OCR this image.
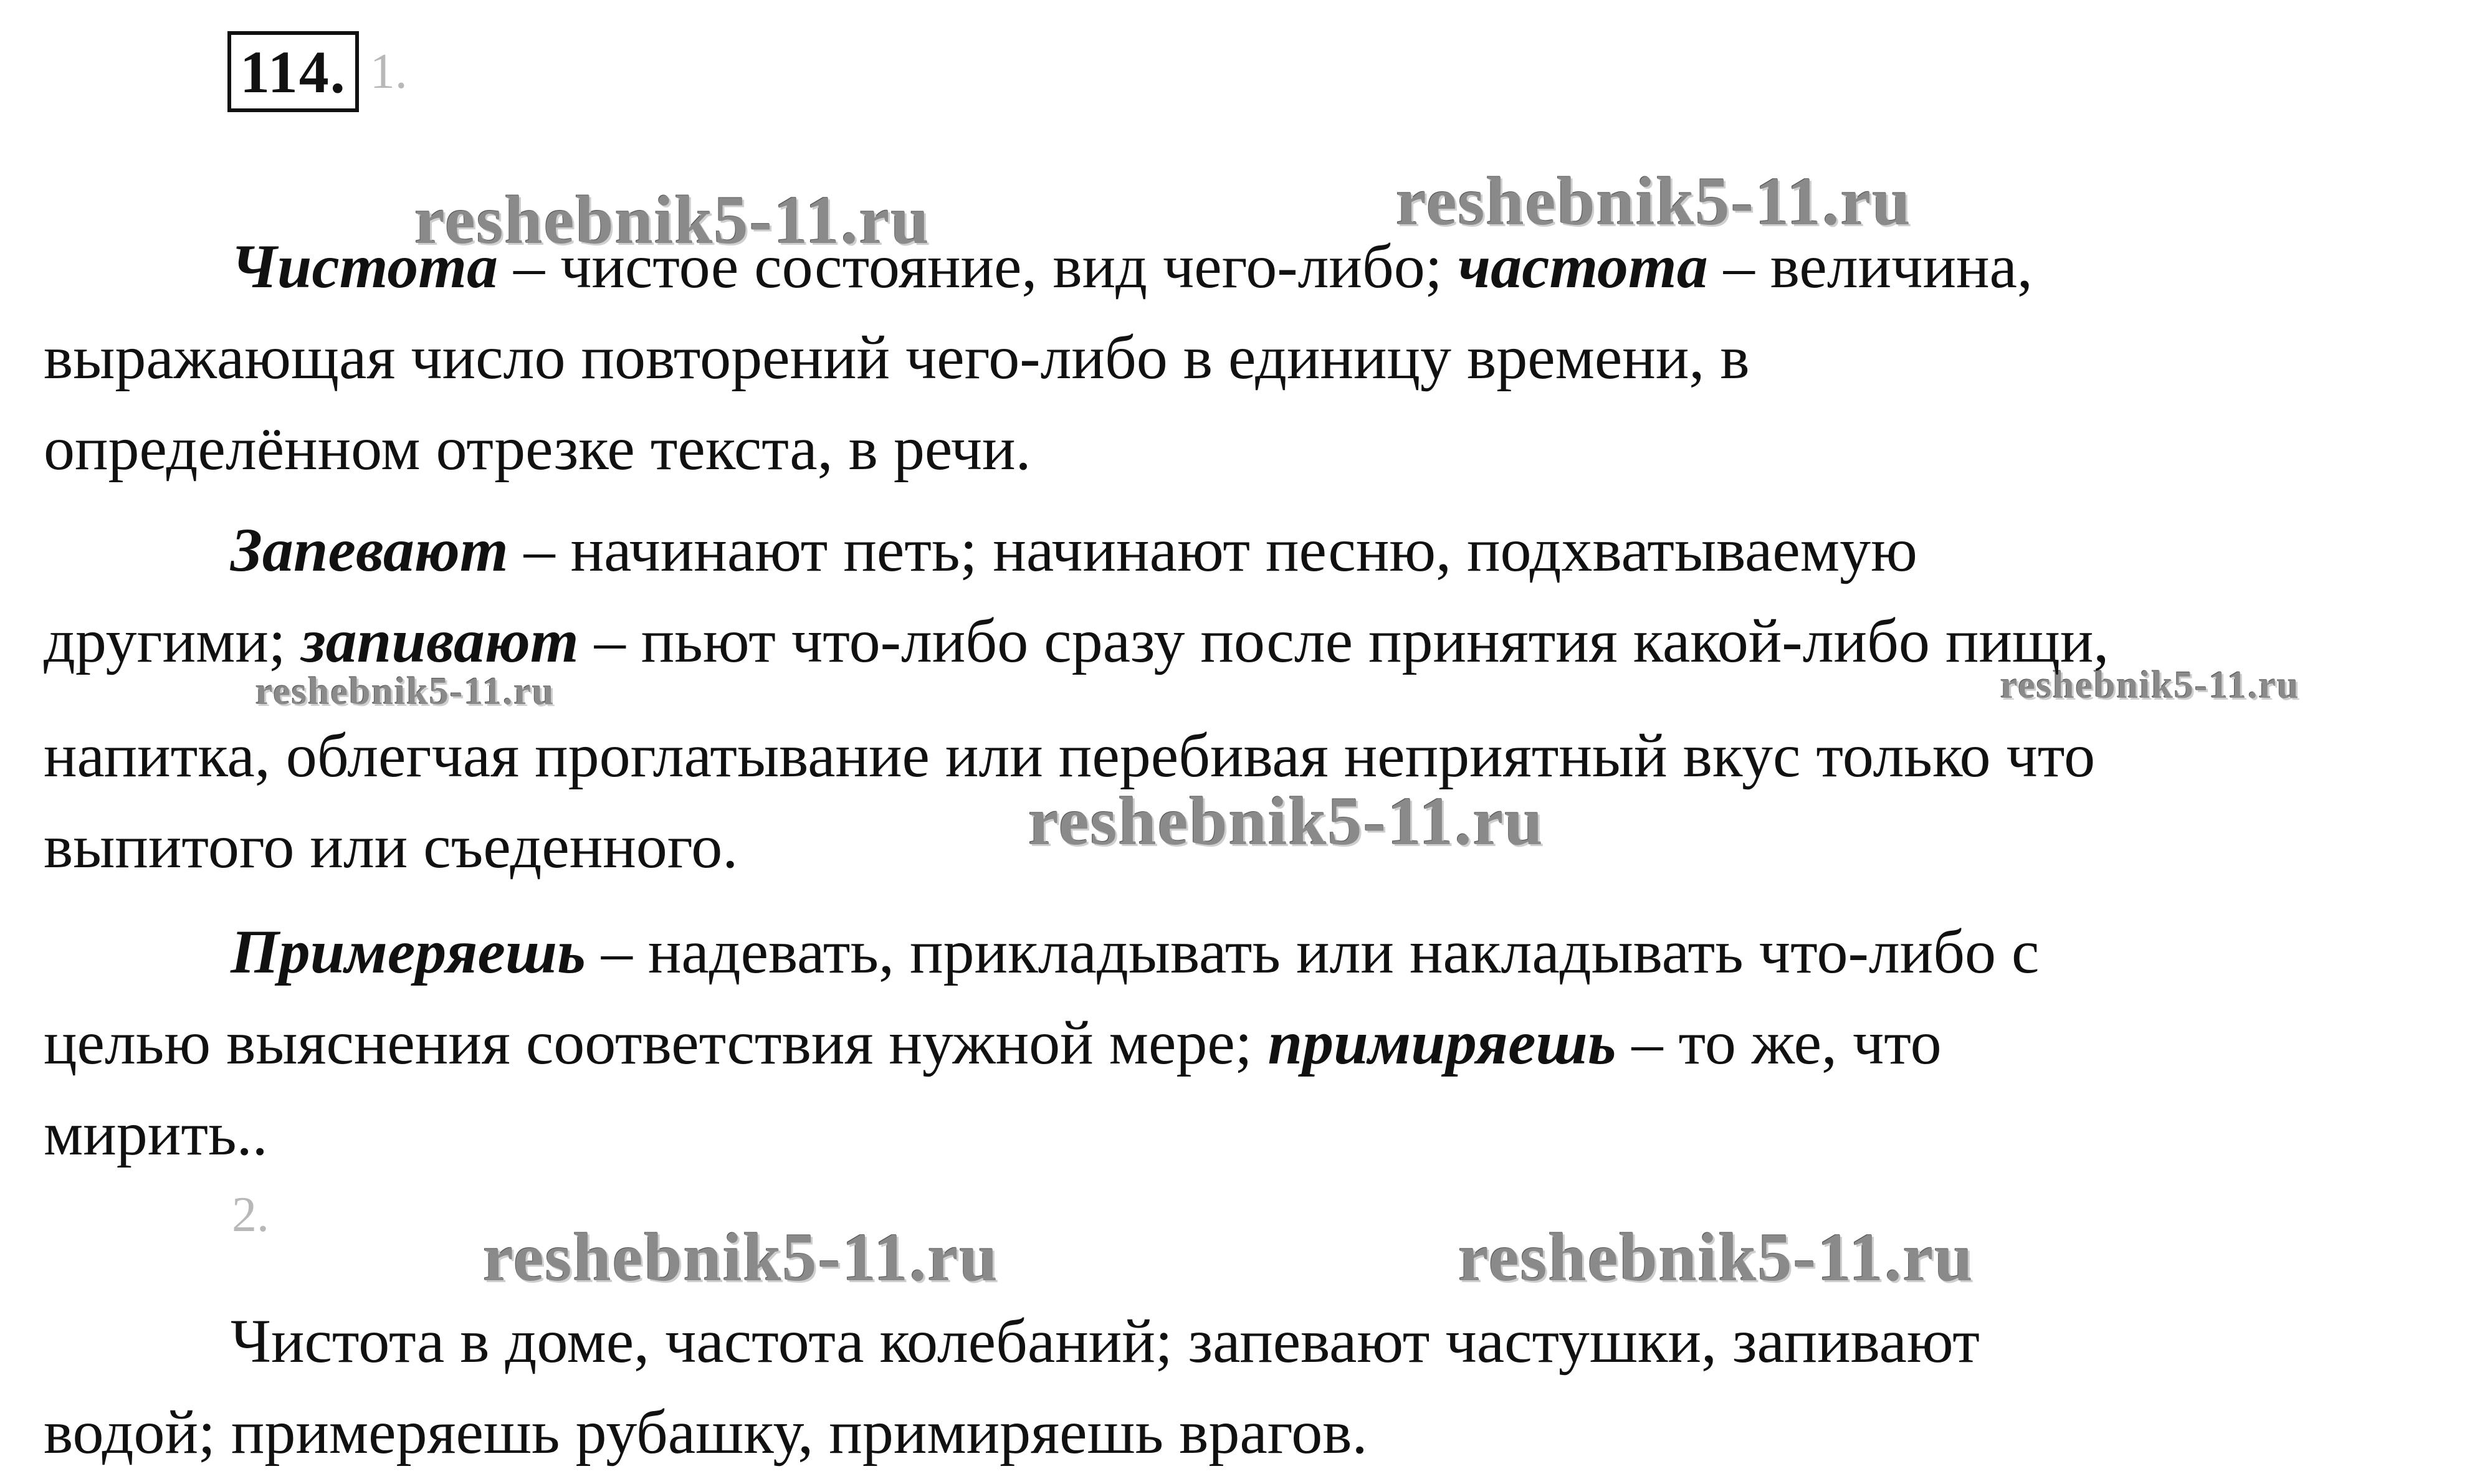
114 . 1.
reshebnik5-11.ru	reshebnik5-11.ru
reshebnik5-11.ru	reshebnik5-11.ru
reshebnik5-11.ru
reshebnik5-11.ru	reshebnik5-11.ru

Чистота – чистое состояние, вид чего-либо; частота – величина,
выражающая число повторений чего-либо в единицу времени, в
определённом отрезке текста, в речи.

Запевают – начинают петь; начинают песню, подхватываемую
другими; запивают – пьют что-либо сразу после принятия какой-либо пищи,
напитка, облегчая проглатывание или перебивая неприятный вкус только что
выпитого или съеденного.

Примеряешь – надевать, прикладывать или накладывать что-либо с
целью выяснения соответствия нужной мере; примиряешь – то же, что
мирить..

2.

Чистота в доме, частота колебаний; запевают частушки, запивают
водой; примеряешь рубашку, примиряешь врагов.
